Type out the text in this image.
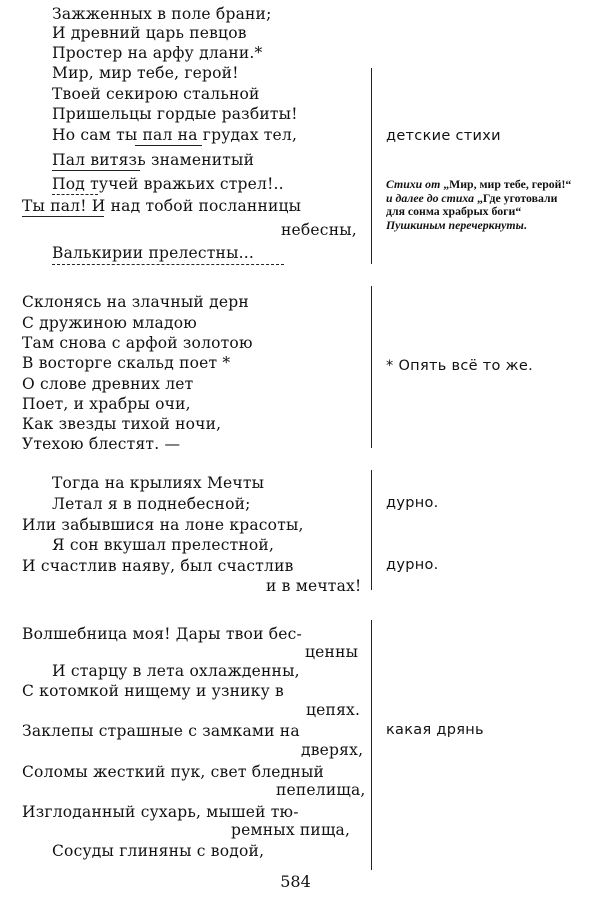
Зажженных в поле брани;
И древний царь певцов
Простер на арфу длани.*
Мир, мир тебе, герой!
Твоей секирою стальной
Пришельцы гордые разбиты!
Но сам ты пал на грудах тел,
Пал витязь знаменитый
Под тучей вражьих стрел!..
Ты пал! И над тобой посланницы
небесны,
Валькирии прелестны...
Склонясь на злачный дерн
С дружиною младою
Там снова с арфой золотою
В восторге скальд поет *
О слове древних лет
Поет, и храбры очи,
Как звезды тихой ночи,
Утехою блестят. —
Тогда на крылиях Мечты
Летал я в поднебесной;
Или забывшися на лоне красоты,
Я сон вкушал прелестной,
И счастлив наяву, был счастлив
и в мечтах!
Волшебница моя! Дары твои бес-
ценны
И старцу в лета охлажденны,
С котомкой нищему и узнику в
цепях.
Заклепы страшные с замками на
дверях,
Соломы жесткий пук, свет бледный
пепелища,
Изглоданный сухарь, мышей тю-
ремных пища,
Сосуды глиняны с водой,
детские стихи
Стихи от „Мир, мир тебе, герой!“ и далее до стиха „Где уготовали для сонма храбрых боги“ Пушкиным перечеркнуты.
* Опять всё то же.
дурно.
дурно.
какая дрянь
584
